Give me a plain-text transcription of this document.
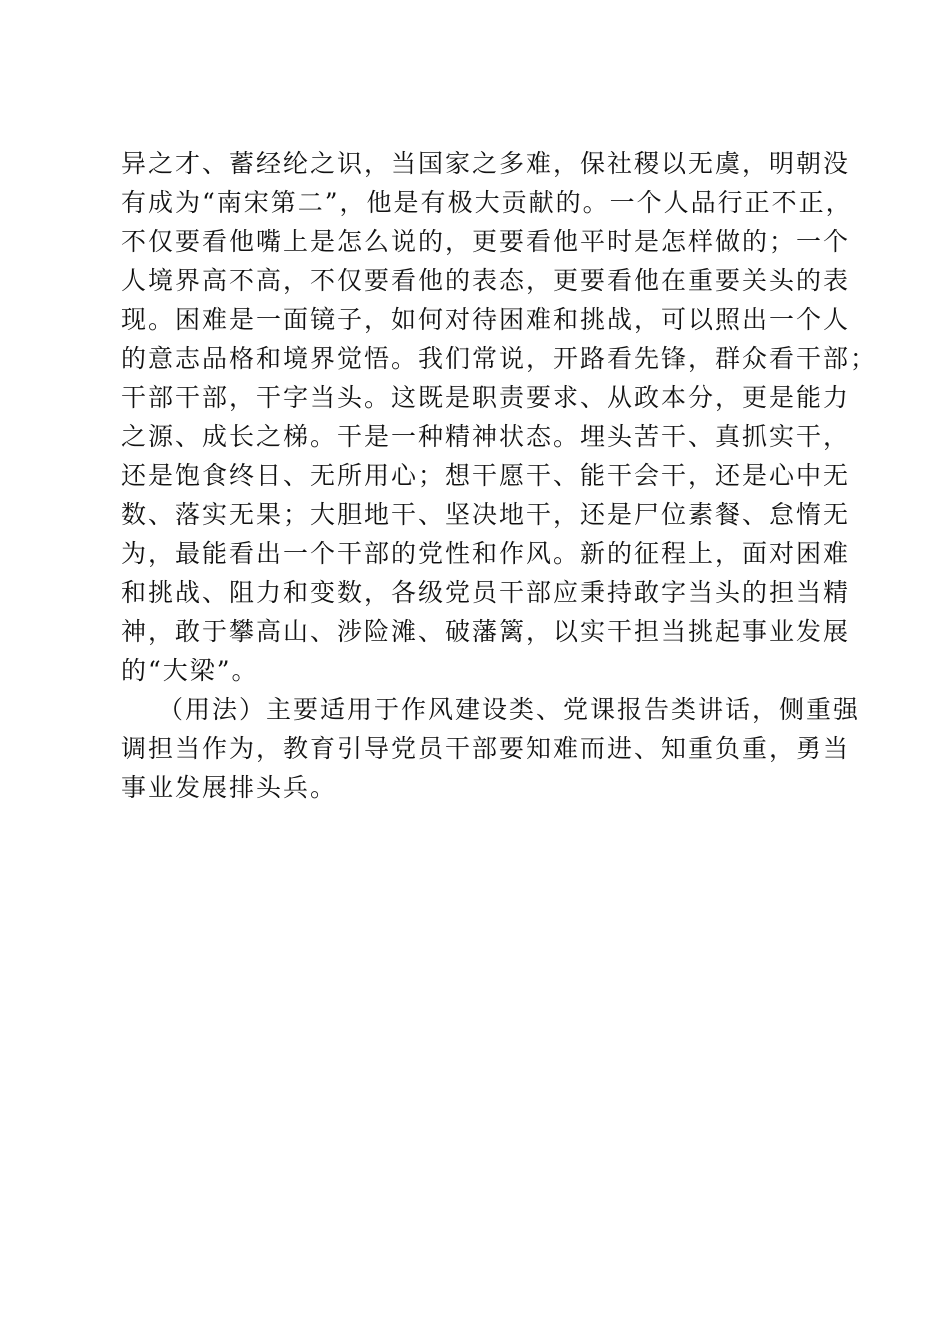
异之才、蓄经纶之识，当国家之多难，保社稷以无虞，明朝没
有成为“南宋第二”，他是有极大贡献的。一个人品行正不正，
不仅要看他嘴上是怎么说的，更要看他平时是怎样做的；一个
人境界高不高，不仅要看他的表态，更要看他在重要关头的表
现。困难是一面镜子，如何对待困难和挑战，可以照出一个人
的意志品格和境界觉悟。我们常说，开路看先锋，群众看干部；
干部干部，干字当头。这既是职责要求、从政本分，更是能力
之源、成长之梯。干是一种精神状态。埋头苦干、真抓实干，
还是饱食终日、无所用心；想干愿干、能干会干，还是心中无
数、落实无果；大胆地干、坚决地干，还是尸位素餐、怠惰无
为，最能看出一个干部的党性和作风。新的征程上，面对困难
和挑战、阻力和变数，各级党员干部应秉持敢字当头的担当精
神，敢于攀高山、涉险滩、破藩篱，以实干担当挑起事业发展
的“大梁”。
（用法）主要适用于作风建设类、党课报告类讲话，侧重强
调担当作为，教育引导党员干部要知难而进、知重负重，勇当
事业发展排头兵。
